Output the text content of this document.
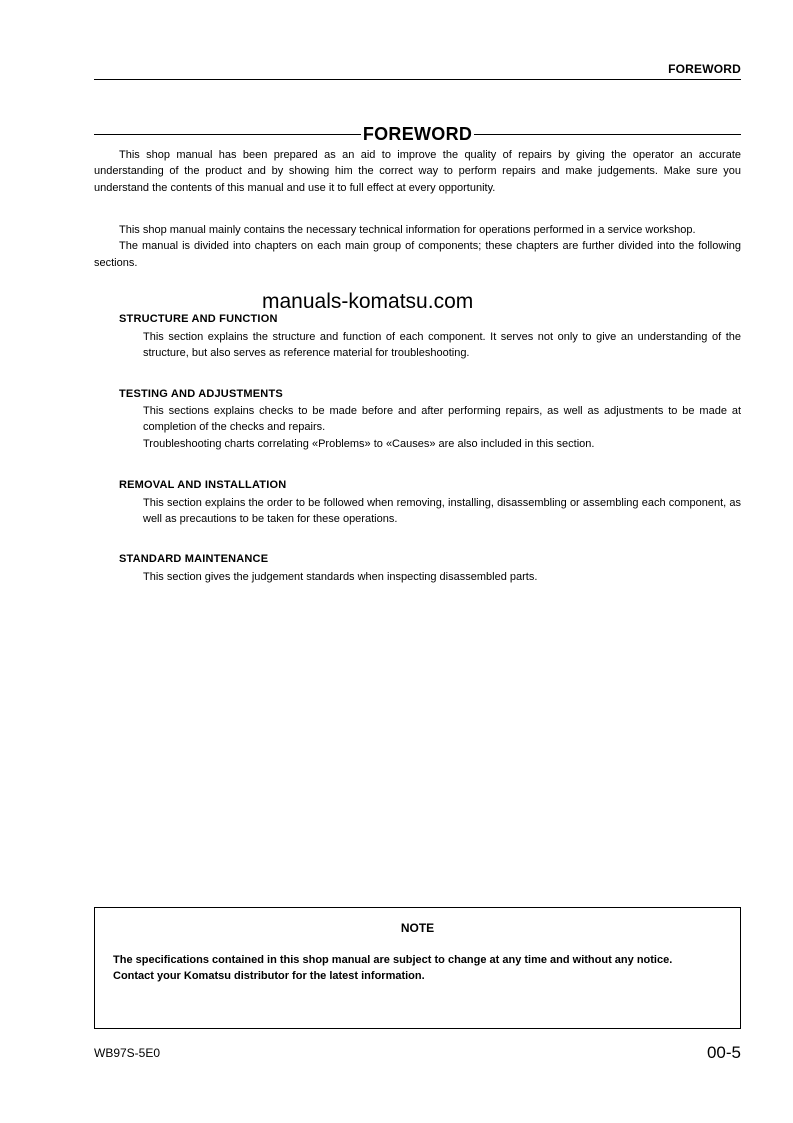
FOREWORD
FOREWORD

This shop manual has been prepared as an aid to improve the quality of repairs by giving the operator an accurate understanding of the product and by showing him the correct way to perform repairs and make judgements. Make sure you understand the contents of this manual and use it to full effect at every opportunity.

This shop manual mainly contains the necessary technical information for operations performed in a service workshop.

The manual is divided into chapters on each main group of components; these chapters are further divided into the following sections.

manuals-komatsu.com
STRUCTURE AND FUNCTION

This section explains the structure and function of each component. It serves not only to give an understanding of the structure, but also serves as reference material for troubleshooting.

TESTING AND ADJUSTMENTS

This sections explains checks to be made before and after performing repairs, as well as adjustments to be made at completion of the checks and repairs.

Troubleshooting charts correlating «Problems» to «Causes» are also included in this section.

REMOVAL AND INSTALLATION

This section explains the order to be followed when removing, installing, disassembling or assembling each component, as well as precautions to be taken for these operations.

STANDARD MAINTENANCE

This section gives the judgement standards when inspecting disassembled parts.

NOTE

The specifications contained in this shop manual are subject to change at any time and without any notice.

Contact your Komatsu distributor for the latest information.

WB97S-5E0	00-5
